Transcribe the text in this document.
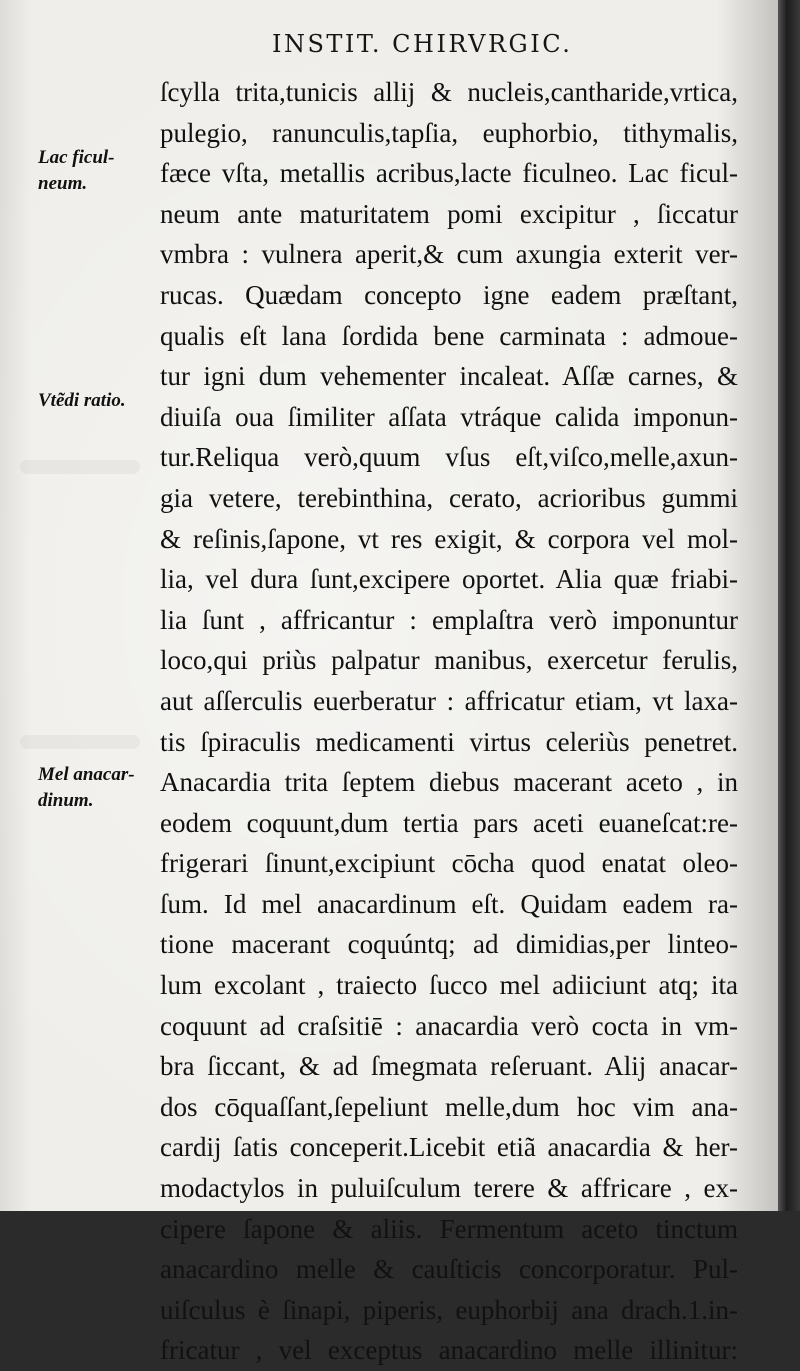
INSTIT. CHIRVRGIC.
Lac ficul-
neum.
Vtẽdi ratio.
Mel anacar-
dinum.
ſcylla trita,tunicis allij & nucleis,cantharide,vrtica,
pulegio, ranunculis,tapſia, euphorbio, tithymalis,
fæce vſta, metallis acribus,lacte ficulneo. Lac ficul-
neum ante maturitatem pomi excipitur , ſiccatur
vmbra : vulnera aperit,& cum axungia exterit ver-
rucas. Quædam concepto igne eadem præſtant,
qualis eſt lana ſordida bene carminata : admoue-
tur igni dum vehementer incaleat. Aſſæ carnes, &
diuiſa oua ſimiliter aſſata vtráque calida imponun-
tur.Reliqua verò,quum vſus eſt,viſco,melle,axun-
gia vetere, terebinthina, cerato, acrioribus gummi
& reſinis,ſapone, vt res exigit, & corpora vel mol-
lia, vel dura ſunt,excipere oportet. Alia quæ friabi-
lia ſunt , affricantur : emplaſtra verò imponuntur
loco,qui priùs palpatur manibus, exercetur ferulis,
aut aſſerculis euerberatur : affricatur etiam, vt laxa-
tis ſpiraculis medicamenti virtus celeriùs penetret.
Anacardia trita ſeptem diebus macerant aceto , in
eodem coquunt,dum tertia pars aceti euaneſcat:re-
frigerari ſinunt,excipiunt cōcha quod enatat oleo-
ſum. Id mel anacardinum eſt. Quidam eadem ra-
tione macerant coquúntq; ad dimidias,per linteo-
lum excolant , traiecto ſucco mel adiiciunt atq; ita
coquunt ad craſsitiē : anacardia verò cocta in vm-
bra ſiccant, & ad ſmegmata reſeruant. Alij anacar-
dos cōquaſſant,ſepeliunt melle,dum hoc vim ana-
cardij ſatis conceperit.Licebit etiã anacardia & her-
modactylos in puluiſculum terere & affricare , ex-
cipere ſapone & aliis. Fermentum aceto tinctum
anacardino melle & cauſticis concorporatur. Pul-
uiſculus è ſinapi, piperis, euphorbij ana drach.1.in-
fricatur , vel exceptus anacardino melle illinitur:
